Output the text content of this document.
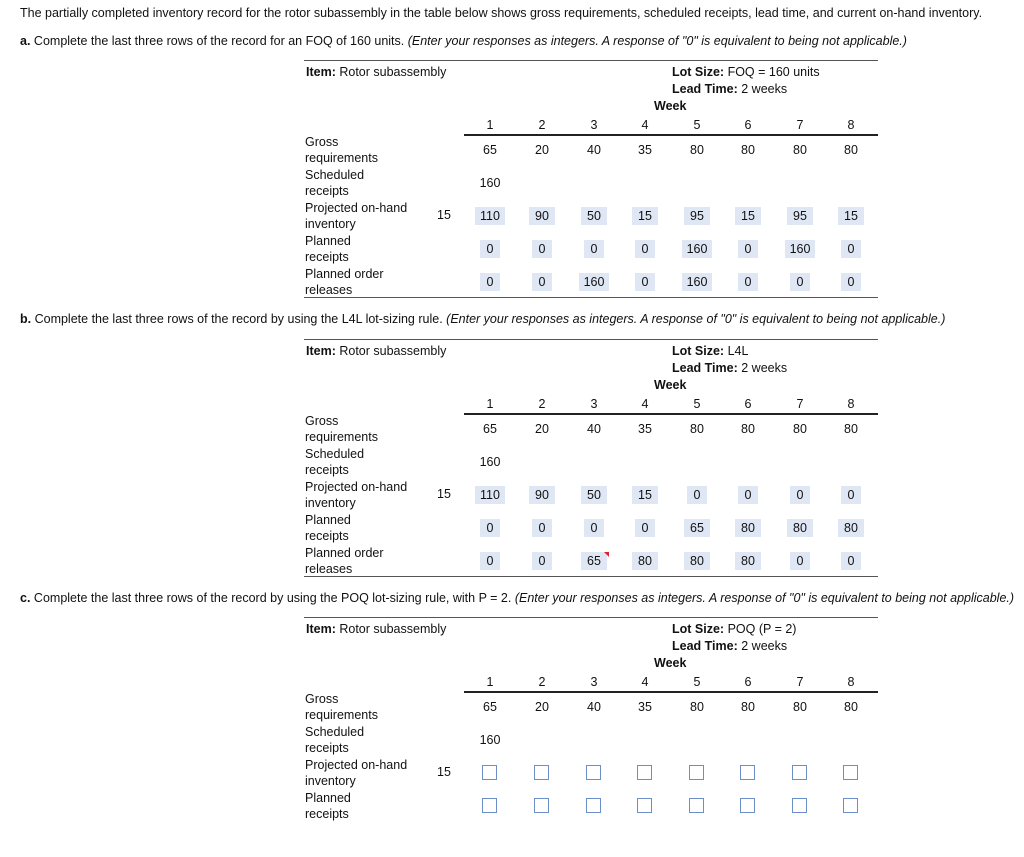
The partially completed inventory record for the rotor subassembly in the table below shows gross requirements, scheduled receipts, lead time, and current on-hand inventory.
a. Complete the last three rows of the record for an FOQ of 160 units. (Enter your responses as integers. A response of "0" is equivalent to being not applicable.)
Item: Rotor subassembly	Lot Size: FOQ = 160 units
Lead Time: 2 weeks
Week
1	2	3	4	5	6	7	8
Gross
requirements
65	20	40	35	80	80	80	80
Scheduled
receipts
160
Projected on-hand
inventory
15	110	90	50	15	95	15	95	15
Planned
receipts
0	0	0	0	160	0	160	0
Planned order
releases
0	0	160	0	160	0	0	0
b. Complete the last three rows of the record by using the L4L lot-sizing rule. (Enter your responses as integers. A response of "0" is equivalent to being not applicable.)
Item: Rotor subassembly	Lot Size: L4L
Lead Time: 2 weeks
Week
1	2	3	4	5	6	7	8
Gross
requirements
65	20	40	35	80	80	80	80
Scheduled
receipts
160
Projected on-hand
inventory
15	110	90	50	15	0	0	0	0
Planned
receipts
0	0	0	0	65	80	80	80
Planned order
releases
0	0	65	80	80	80	0	0
c. Complete the last three rows of the record by using the POQ lot-sizing rule, with P = 2. (Enter your responses as integers. A response of "0" is equivalent to being not applicable.)
Item: Rotor subassembly	Lot Size: POQ (P = 2)
Lead Time: 2 weeks
Week
1	2	3	4	5	6	7	8
Gross
requirements
65	20	40	35	80	80	80	80
Scheduled
receipts
160
Projected on-hand
inventory
15
Planned
receipts
